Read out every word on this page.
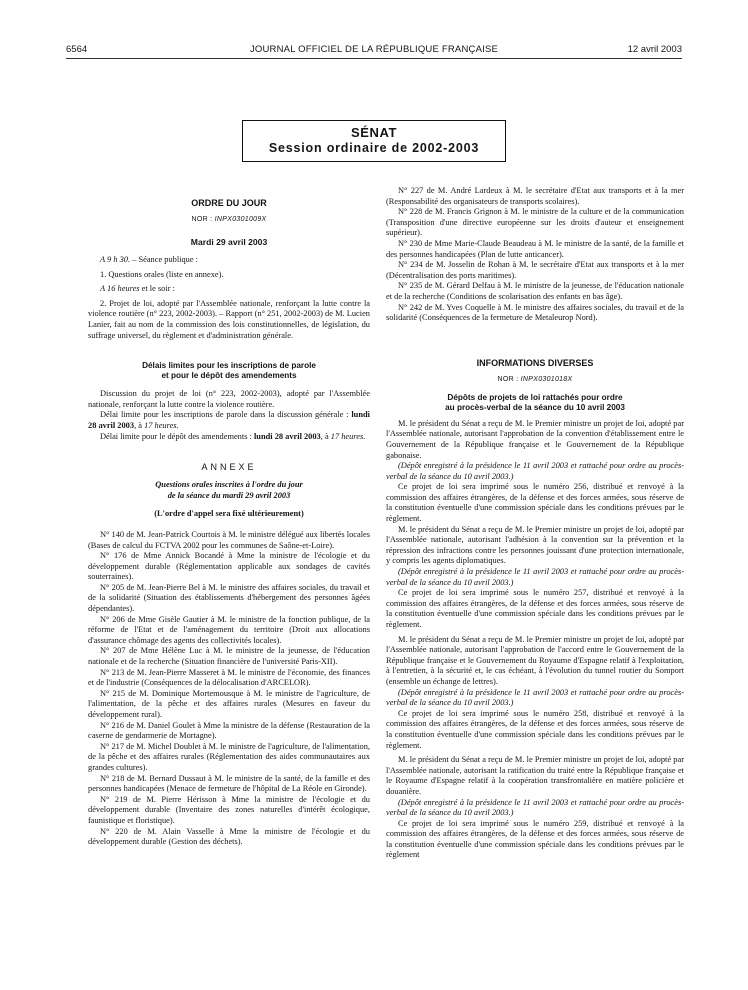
6564	JOURNAL OFFICIEL DE LA RÉPUBLIQUE FRANÇAISE	12 avril 2003
SÉNAT
Session ordinaire de 2002-2003

ORDRE DU JOUR

NOR : INPX0301009X

Mardi 29 avril 2003

A 9 h 30. – Séance publique :

1. Questions orales (liste en annexe).

A 16 heures et le soir :

2. Projet de loi, adopté par l'Assemblée nationale, renforçant la lutte contre la violence routière (n° 223, 2002-2003). – Rapport (n° 251, 2002-2003) de M. Lucien Lanier, fait au nom de la commission des lois constitutionnelles, de législation, du suffrage universel, du règlement et d'administration générale.

Délais limites pour les inscriptions de parole

et pour le dépôt des amendements

Discussion du projet de loi (n° 223, 2002-2003), adopté par l'Assemblée nationale, renforçant la lutte contre la violence routière.

Délai limite pour les inscriptions de parole dans la discussion générale : lundi 28 avril 2003, à 17 heures.

Délai limite pour le dépôt des amendements : lundi 28 avril 2003, à 17 heures.

ANNEXE

Questions orales inscrites à l'ordre du jour

de la séance du mardi 29 avril 2003

(L'ordre d'appel sera fixé ultérieurement)

N° 140 de M. Jean-Patrick Courtois à M. le ministre délégué aux libertés locales (Bases de calcul du FCTVA 2002 pour les communes de Saône-et-Loire).

N° 176 de Mme Annick Bocandé à Mme la ministre de l'écologie et du développement durable (Réglementation applicable aux sondages de cavités souterraines).

N° 205 de M. Jean-Pierre Bel à M. le ministre des affaires sociales, du travail et de la solidarité (Situation des établissements d'hébergement des personnes âgées dépendantes).

N° 206 de Mme Gisèle Gautier à M. le ministre de la fonction publique, de la réforme de l'Etat et de l'aménagement du territoire (Droit aux allocations d'assurance chômage des agents des collectivités locales).

N° 207 de Mme Hélène Luc à M. le ministre de la jeunesse, de l'éducation nationale et de la recherche (Situation financière de l'université Paris-XII).

N° 213 de M. Jean-Pierre Masseret à M. le ministre de l'économie, des finances et de l'industrie (Conséquences de la délocalisation d'ARCELOR).

N° 215 de M. Dominique Mortemousque à M. le ministre de l'agriculture, de l'alimentation, de la pêche et des affaires rurales (Mesures en faveur du développement rural).

N° 216 de M. Daniel Goulet à Mme la ministre de la défense (Restauration de la caserne de gendarmerie de Mortagne).

N° 217 de M. Michel Doublet à M. le ministre de l'agriculture, de l'alimentation, de la pêche et des affaires rurales (Réglementation des aides communautaires aux grandes cultures).

N° 218 de M. Bernard Dussaut à M. le ministre de la santé, de la famille et des personnes handicapées (Menace de fermeture de l'hôpital de La Réole en Gironde).

N° 219 de M. Pierre Hérisson à Mme la ministre de l'écologie et du développement durable (Inventaire des zones naturelles d'intérêt écologique, faunistique et floristique).

N° 220 de M. Alain Vasselle à Mme la ministre de l'écologie et du développement durable (Gestion des déchets).

N° 227 de M. André Lardeux à M. le secrétaire d'Etat aux transports et à la mer (Responsabilité des organisateurs de transports scolaires).

N° 228 de M. Francis Grignon à M. le ministre de la culture et de la communication (Transposition d'une directive européenne sur les droits d'auteur et enseignement supérieur).

N° 230 de Mme Marie-Claude Beaudeau à M. le ministre de la santé, de la famille et des personnes handicapées (Plan de lutte anticancer).

N° 234 de M. Josselin de Rohan à M. le secrétaire d'Etat aux transports et à la mer (Décentralisation des ports maritimes).

N° 235 de M. Gérard Delfau à M. le ministre de la jeunesse, de l'éducation nationale et de la recherche (Conditions de scolarisation des enfants en bas âge).

N° 242 de M. Yves Coquelle à M. le ministre des affaires sociales, du travail et de la solidarité (Conséquences de la fermeture de Metaleurop Nord).

INFORMATIONS DIVERSES

NOR : INPX0301018X

Dépôts de projets de loi rattachés pour ordre

au procès-verbal de la séance du 10 avril 2003

M. le président du Sénat a reçu de M. le Premier ministre un projet de loi, adopté par l'Assemblée nationale, autorisant l'approbation de la convention d'établissement entre le Gouvernement de la République française et le Gouvernement de la République gabonaise.

(Dépôt enregistré à la présidence le 11 avril 2003 et rattaché pour ordre au procès-verbal de la séance du 10 avril 2003.)

Ce projet de loi sera imprimé sous le numéro 256, distribué et renvoyé à la commission des affaires étrangères, de la défense et des forces armées, sous réserve de la constitution éventuelle d'une commission spéciale dans les conditions prévues par le règlement.

M. le président du Sénat a reçu de M. le Premier ministre un projet de loi, adopté par l'Assemblée nationale, autorisant l'adhésion à la convention sur la prévention et la répression des infractions contre les personnes jouissant d'une protection internationale, y compris les agents diplomatiques.

(Dépôt enregistré à la présidence le 11 avril 2003 et rattaché pour ordre au procès-verbal de la séance du 10 avril 2003.)

Ce projet de loi sera imprimé sous le numéro 257, distribué et renvoyé à la commission des affaires étrangères, de la défense et des forces armées, sous réserve de la constitution éventuelle d'une commission spéciale dans les conditions prévues par le règlement.

M. le président du Sénat a reçu de M. le Premier ministre un projet de loi, adopté par l'Assemblée nationale, autorisant l'approbation de l'accord entre le Gouvernement de la République française et le Gouvernement du Royaume d'Espagne relatif à l'exploitation, à l'entretien, à la sécurité et, le cas échéant, à l'évolution du tunnel routier du Somport (ensemble un échange de lettres).

(Dépôt enregistré à la présidence le 11 avril 2003 et rattaché pour ordre au procès-verbal de la séance du 10 avril 2003.)

Ce projet de loi sera imprimé sous le numéro 258, distribué et renvoyé à la commission des affaires étrangères, de la défense et des forces armées, sous réserve de la constitution éventuelle d'une commission spéciale dans les conditions prévues par le règlement.

M. le président du Sénat a reçu de M. le Premier ministre un projet de loi, adopté par l'Assemblée nationale, autorisant la ratification du traité entre la République française et le Royaume d'Espagne relatif à la coopération transfrontalière en matière policière et douanière.

(Dépôt enregistré à la présidence le 11 avril 2003 et rattaché pour ordre au procès-verbal de la séance du 10 avril 2003.)

Ce projet de loi sera imprimé sous le numéro 259, distribué et renvoyé à la commission des affaires étrangères, de la défense et des forces armées, sous réserve de la constitution éventuelle d'une commission spéciale dans les conditions prévues par le règlement
